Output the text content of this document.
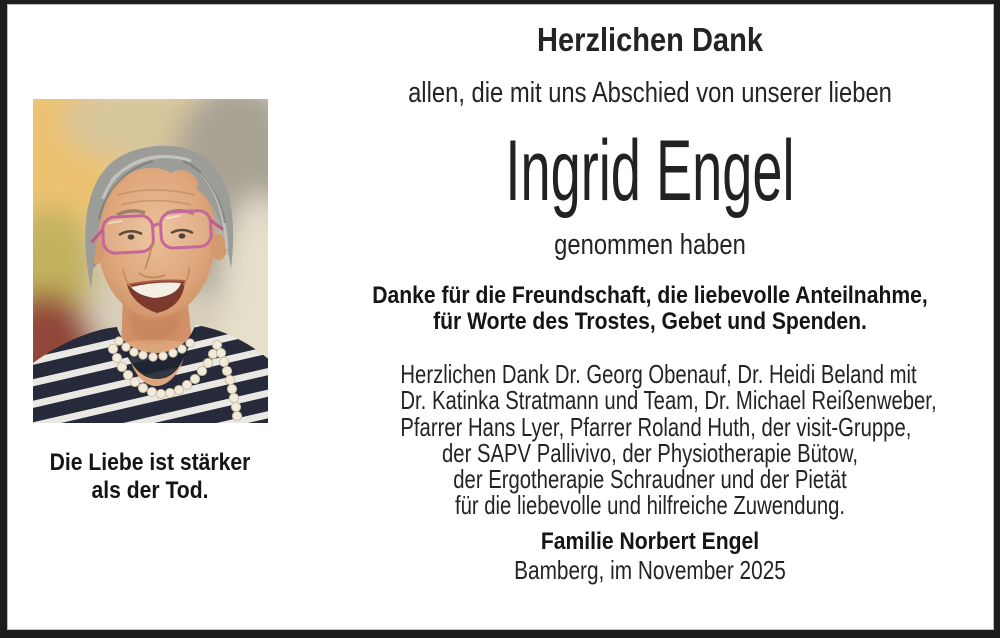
Die Liebe ist stärker
als der Tod.
Herzlichen Dank
allen, die mit uns Abschied von unserer lieben
Ingrid Engel
genommen haben
Danke für die Freundschaft, die liebevolle Anteilnahme,
für Worte des Trostes, Gebet und Spenden.
Herzlichen Dank Dr. Georg Obenauf, Dr. Heidi Beland mit
Dr. Katinka Stratmann und Team, Dr. Michael Reißenweber,
Pfarrer Hans Lyer, Pfarrer Roland Huth, der visit-Gruppe,
der SAPV Pallivivo, der Physiotherapie Bütow,
der Ergotherapie Schraudner und der Pietät
für die liebevolle und hilfreiche Zuwendung.
Familie Norbert Engel
Bamberg, im November 2025
